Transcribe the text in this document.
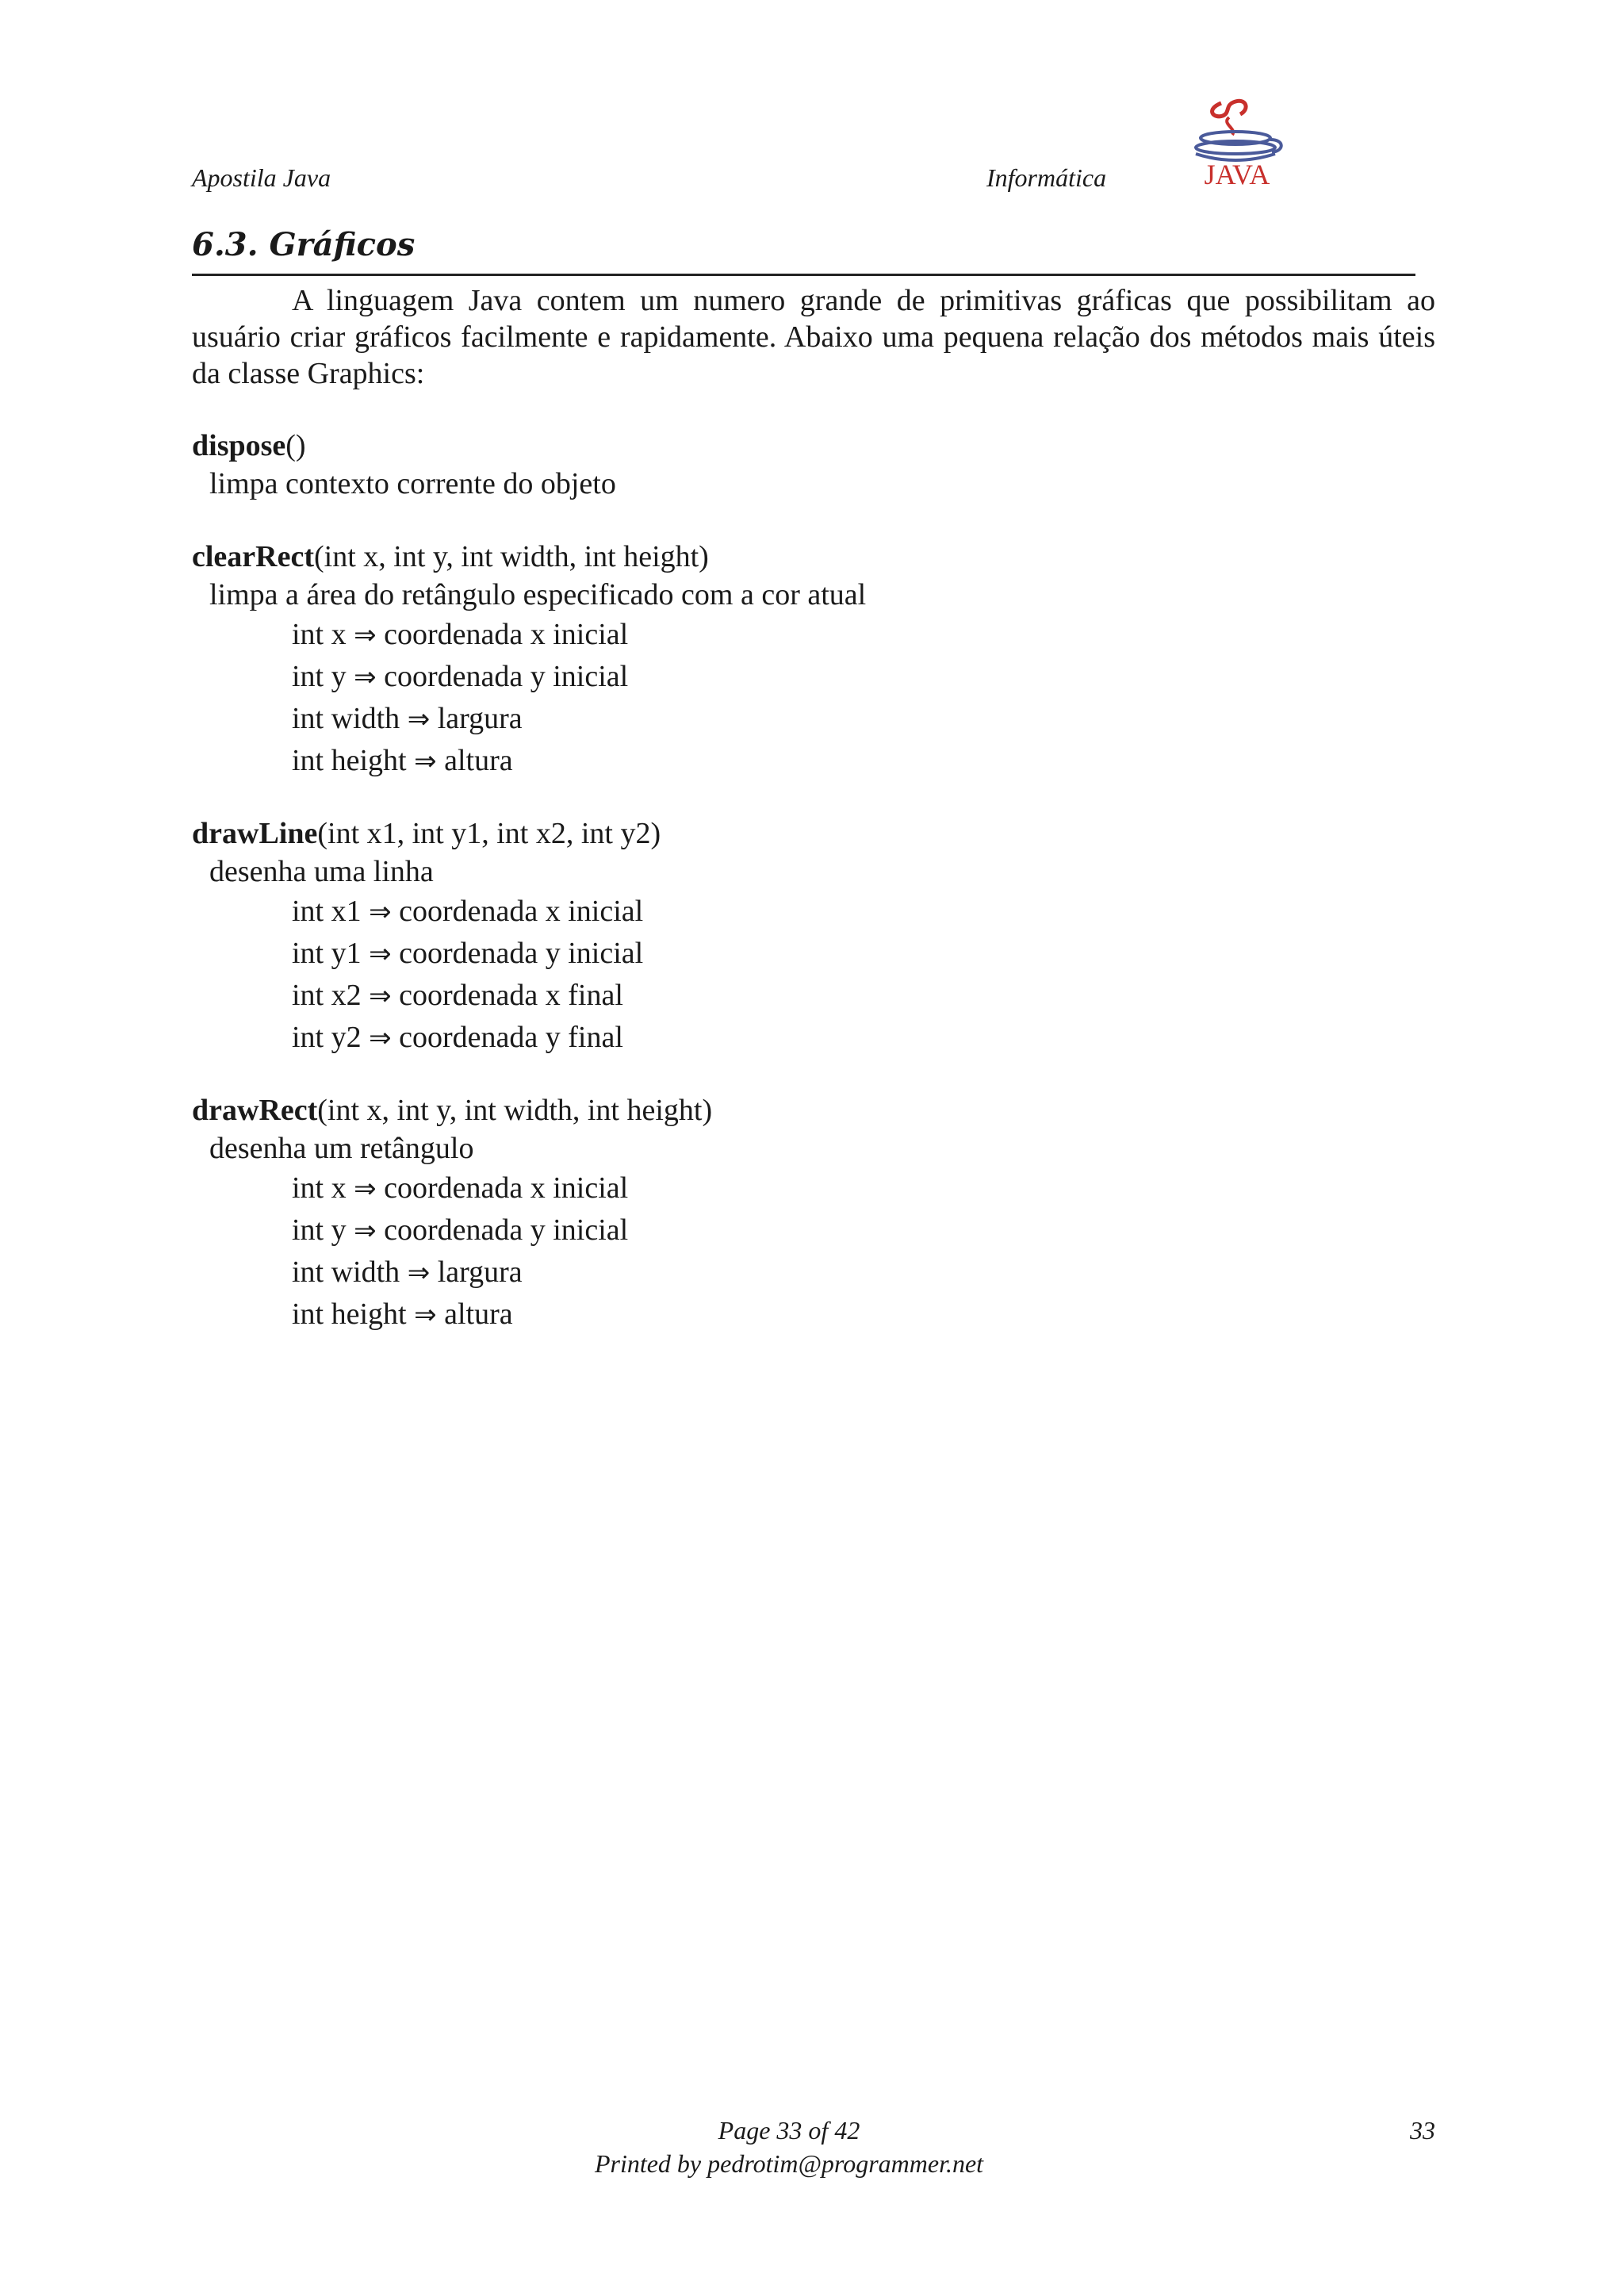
Apostila Java	Informática	JAVA
6.3. Gráficos
A linguagem Java contem um numero grande de primitivas gráficas que possibilitam ao usuário criar gráficos facilmente e rapidamente. Abaixo uma pequena relação dos métodos mais úteis da classe Graphics:
dispose()
limpa contexto corrente do objeto
clearRect(int x, int y, int width, int height)
limpa a área do retângulo especificado com a cor atual
int x ⇒ coordenada x inicial
int y ⇒ coordenada y inicial
int width ⇒ largura
int height ⇒ altura
drawLine(int x1, int y1, int x2, int y2)
desenha uma linha
int x1 ⇒ coordenada x inicial
int y1 ⇒ coordenada y inicial
int x2 ⇒ coordenada x final
int y2 ⇒ coordenada y final
drawRect(int x, int y, int width, int height)
desenha um retângulo
int x ⇒ coordenada x inicial
int y ⇒ coordenada y inicial
int width ⇒ largura
int height ⇒ altura
Page 33 of 42
Printed by pedrotim@programmer.net
33
